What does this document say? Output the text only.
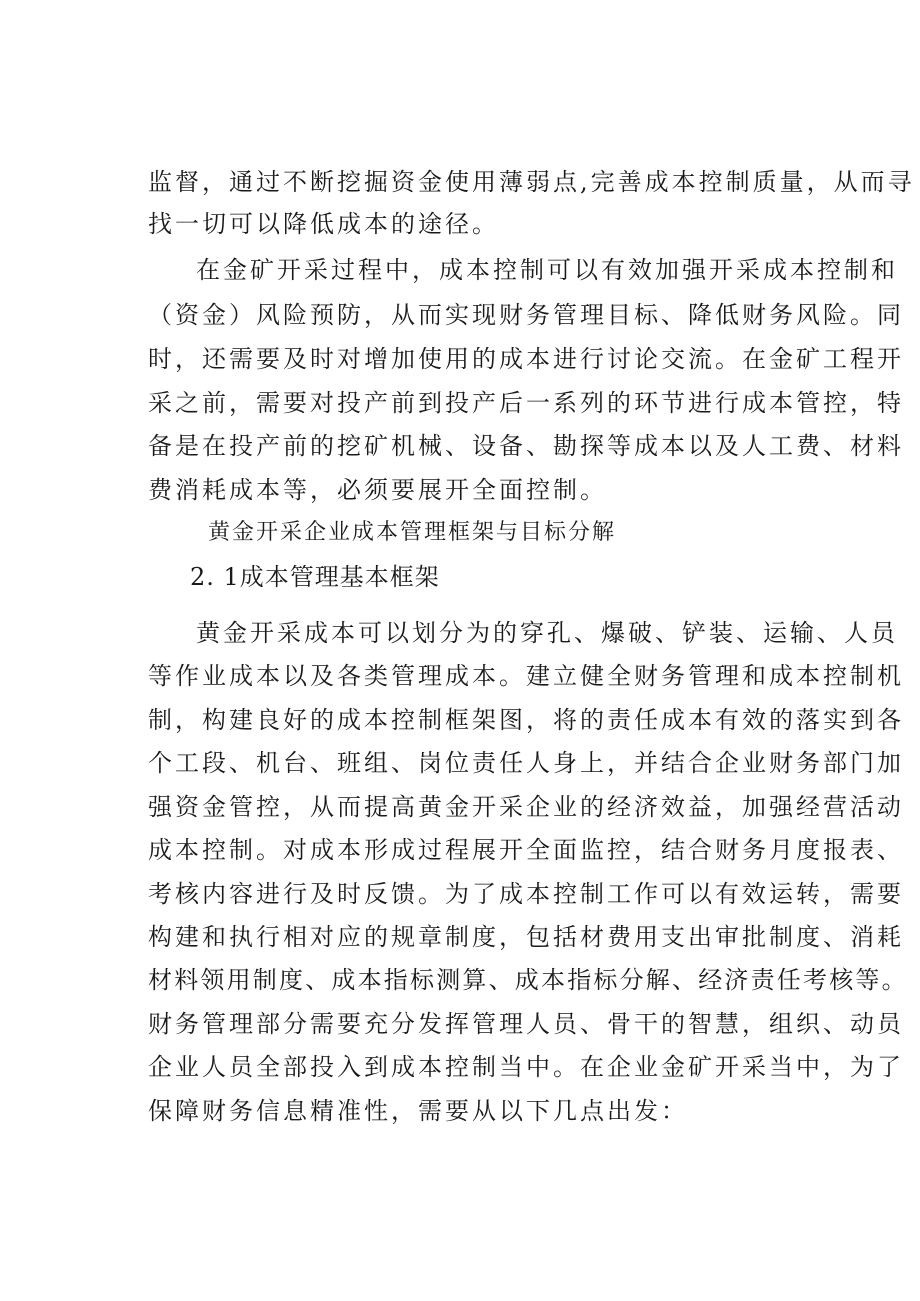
监督，通过不断挖掘资金使用薄弱点,完善成本控制质量，从而寻
找一切可以降低成本的途径。
在金矿开采过程中，成本控制可以有效加强开采成本控制和
（资金）风险预防，从而实现财务管理目标、降低财务风险。同
时，还需要及时对增加使用的成本进行讨论交流。在金矿工程开
采之前，需要对投产前到投产后一系列的环节进行成本管控，特
备是在投产前的挖矿机械、设备、勘探等成本以及人工费、材料
费消耗成本等，必须要展开全面控制。
黄金开采企业成本管理框架与目标分解
2. 1成本管理基本框架
黄金开采成本可以划分为的穿孔、爆破、铲装、运输、人员
等作业成本以及各类管理成本。建立健全财务管理和成本控制机
制，构建良好的成本控制框架图，将的责任成本有效的落实到各
个工段、机台、班组、岗位责任人身上，并结合企业财务部门加
强资金管控，从而提高黄金开采企业的经济效益，加强经营活动
成本控制。对成本形成过程展开全面监控，结合财务月度报表、
考核内容进行及时反馈。为了成本控制工作可以有效运转，需要
构建和执行相对应的规章制度，包括材费用支出审批制度、消耗
材料领用制度、成本指标测算、成本指标分解、经济责任考核等。
财务管理部分需要充分发挥管理人员、骨干的智慧，组织、动员
企业人员全部投入到成本控制当中。在企业金矿开采当中，为了
保障财务信息精准性，需要从以下几点出发：
